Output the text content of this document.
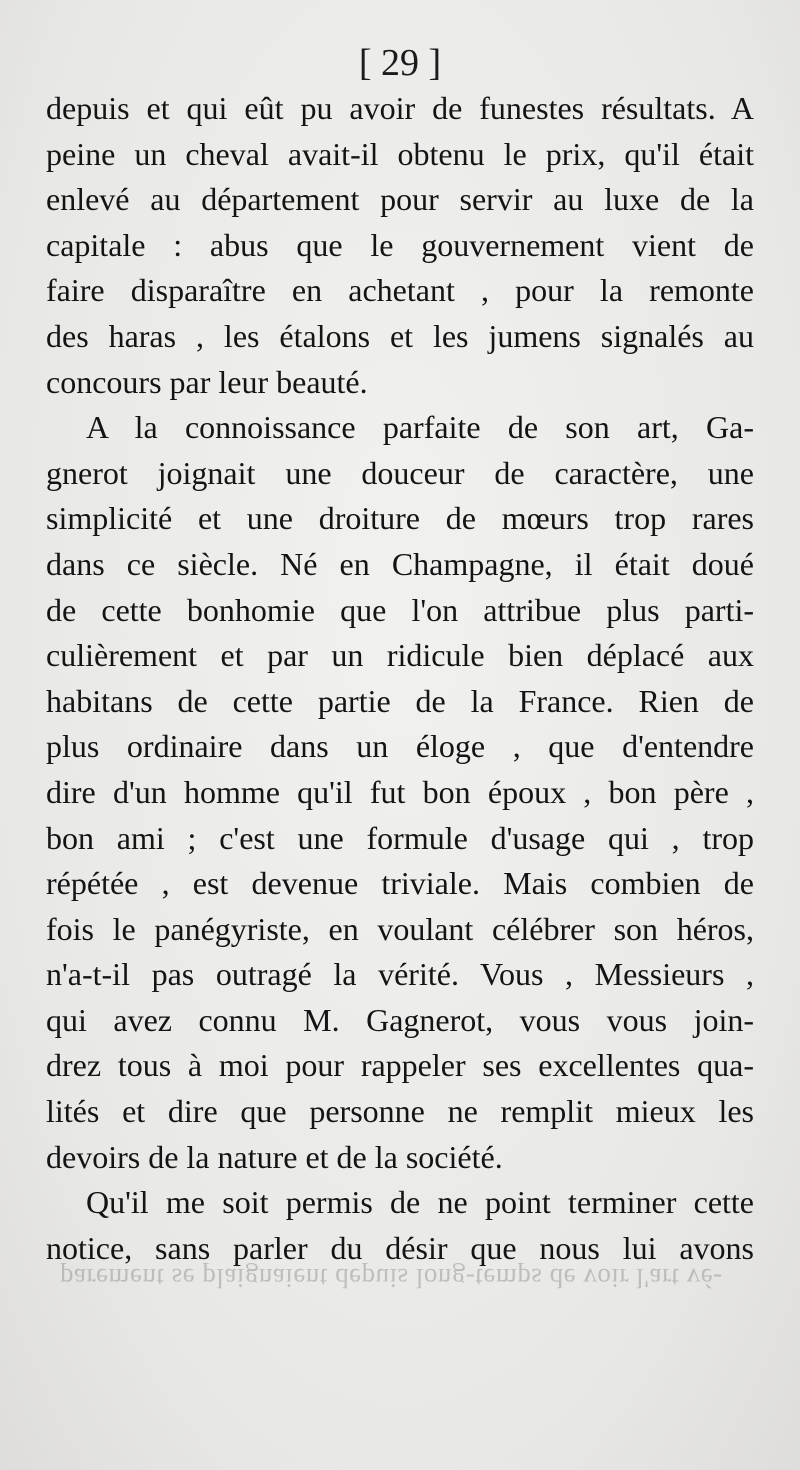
parement se plaignaient depuis long-temps de voir l'art vé-
[ 29 ]
depuis et qui eût pu avoir de funestes résultats. A
peine un cheval avait-il obtenu le prix, qu'il était
enlevé au département pour servir au luxe de la
capitale : abus que le gouvernement vient de
faire disparaître en achetant , pour la remonte
des haras , les étalons et les jumens signalés au
concours par leur beauté.
A la connoissance parfaite de son art, Ga-
gnerot joignait une douceur de caractère, une
simplicité et une droiture de mœurs trop rares
dans ce siècle. Né en Champagne, il était doué
de cette bonhomie que l'on attribue plus parti-
culièrement et par un ridicule bien déplacé aux
habitans de cette partie de la France. Rien de
plus ordinaire dans un éloge , que d'entendre
dire d'un homme qu'il fut bon époux , bon père ,
bon ami ; c'est une formule d'usage qui , trop
répétée , est devenue triviale. Mais combien de
fois le panégyriste, en voulant célébrer son héros,
n'a-t-il pas outragé la vérité. Vous , Messieurs ,
qui avez connu M. Gagnerot, vous vous join-
drez tous à moi pour rappeler ses excellentes qua-
lités et dire que personne ne remplit mieux les
devoirs de la nature et de la société.
Qu'il me soit permis de ne point terminer cette
notice, sans parler du désir que nous lui avons
